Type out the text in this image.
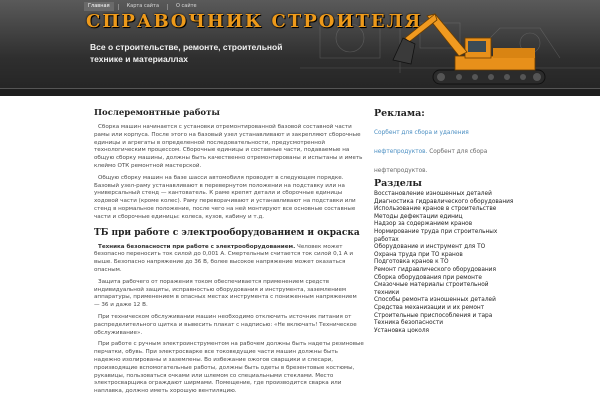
Главная	Карта сайта	О сайте
СПРАВОЧНИК СТРОИТЕЛЯ
Все о строительстве, ремонте, строительной технике и материаллах
Послеремонтные работы

Сборка машин начинается с установки отремонтированной базовой составной части рамы или корпуса. После этого на базовый узел устанавливают и закрепляют сборочные единицы и агрегаты в определенной последовательности, предусмотренной технологическим процессом. Сборочные единицы и составные части, подаваемые на общую сборку машины, должны быть качественно отремонтированы и испытаны и иметь клеймо ОТК ремонтной мастерской.

Общую сборку машин на базе шасси автомобиля проводят в следующем порядке. Базовый узел-раму устанавливают в перевернутом положении на подставку или на универсальный стенд — кантователь. К раме крепят детали и сборочные единицы ходовой части (кроме колес). Раму переворачивают и устанавливают на подставки или стенд в нормальное положение, после чего на ней монтируют все основные составные части и сборочные единицы: колеса, кузов, кабину и т.д.

ТБ при работе с электрооборудованием и окраска

Техника безопасности при работе с электрооборудованием. Человек может безопасно переносить ток силой до 0,001 А. Смертельным считается ток силой 0,1 А и выше. Безопасно напряжение до 36 В, более высокое напряжение может оказаться опасным.

Защита рабочего от поражения током обеспечивается применением средств индивидуальной защиты, исправностью оборудования и инструмента, заземлением аппаратуры, применением в опасных местах инструмента с пониженным напряжением — 36 и даже 12 В.

При техническом обслуживании машин необходимо отключить источник питания от распределительного щитка и вывесить плакат с надписью: «Не включать! Техническое обслуживание».

При работе с ручным электроинструментом на рабочем должны быть надеты резиновые перчатки, обувь. При электросварке все токоведущие части машин должны быть надежно изолированы и заземлены. Во избежание ожогов сварщики и слесари, производящие вспомогательные работы, должны быть одеты в брезентовые костюмы, рукавицы, пользоваться очками или шлемом со специальными стеклами. Место электросварщика ограждают ширмами. Помещение, где производится сварка или наплавка, должно иметь хорошую вентиляцию.

Реклама:
Сорбент для сбора и удаления нефтепродуктов. Сорбент для сбора нефтепродуктов.
Разделы
Восстановление изношенных деталей
Диагностика гидравлического оборудования
Использование кранов в строительстве
Методы дефектации единиц
Надзор за содержанием кранов
Нормирование труда при строительных работах
Оборудование и инструмент для ТО
Охрана труда при ТО кранов
Подготовка кранов к ТО
Ремонт гидравлического оборудования
Сборка оборудования при ремонте
Смазочные материалы строительной техники
Способы ремонта изношенных деталей
Средства механизации и их ремонт
Строительные приспособления и тара
Техника безопасности
Установка цоколя
